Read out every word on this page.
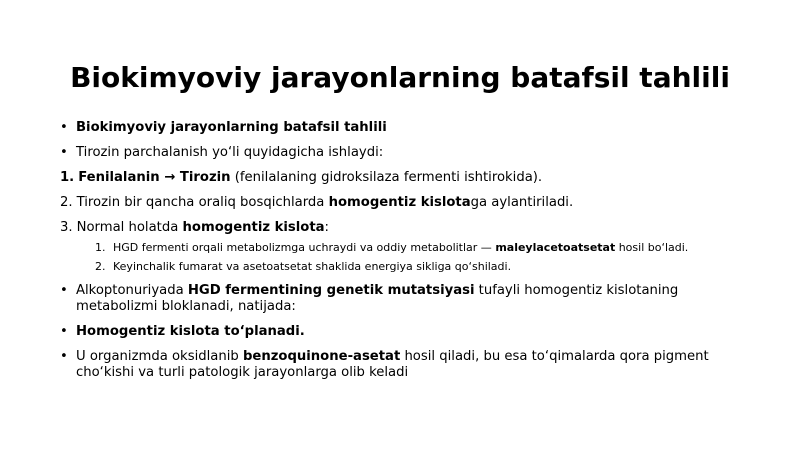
Biokimyoviy jarayonlarning batafsil tahlili
• Biokimyoviy jarayonlarning batafsil tahlili
• Tirozin parchalanish yo‘li quyidagicha ishlaydi:
1. Fenilalanin → Tirozin (fenilalaning gidroksilaza fermenti ishtirokida).
2. Tirozin bir qancha oraliq bosqichlarda homogentiz kislotaga aylantiriladi.
3. Normal holatda homogentiz kislota:
1. HGD fermenti orqali metabolizmga uchraydi va oddiy metabolitlar — maleylacetoatsetat hosil bo‘ladi.
2. Keyinchalik fumarat va asetoatsetat shaklida energiya sikliga qo‘shiladi.
• Alkoptonuriyada HGD fermentining genetik mutatsiyasi tufayli homogentiz kislotaning metabolizmi bloklanadi, natijada:
• Homogentiz kislota to‘planadi.
• U organizmda oksidlanib benzoquinone-asetat hosil qiladi, bu esa to‘qimalarda qora pigment cho‘kishi va turli patologik jarayonlarga olib keladi
